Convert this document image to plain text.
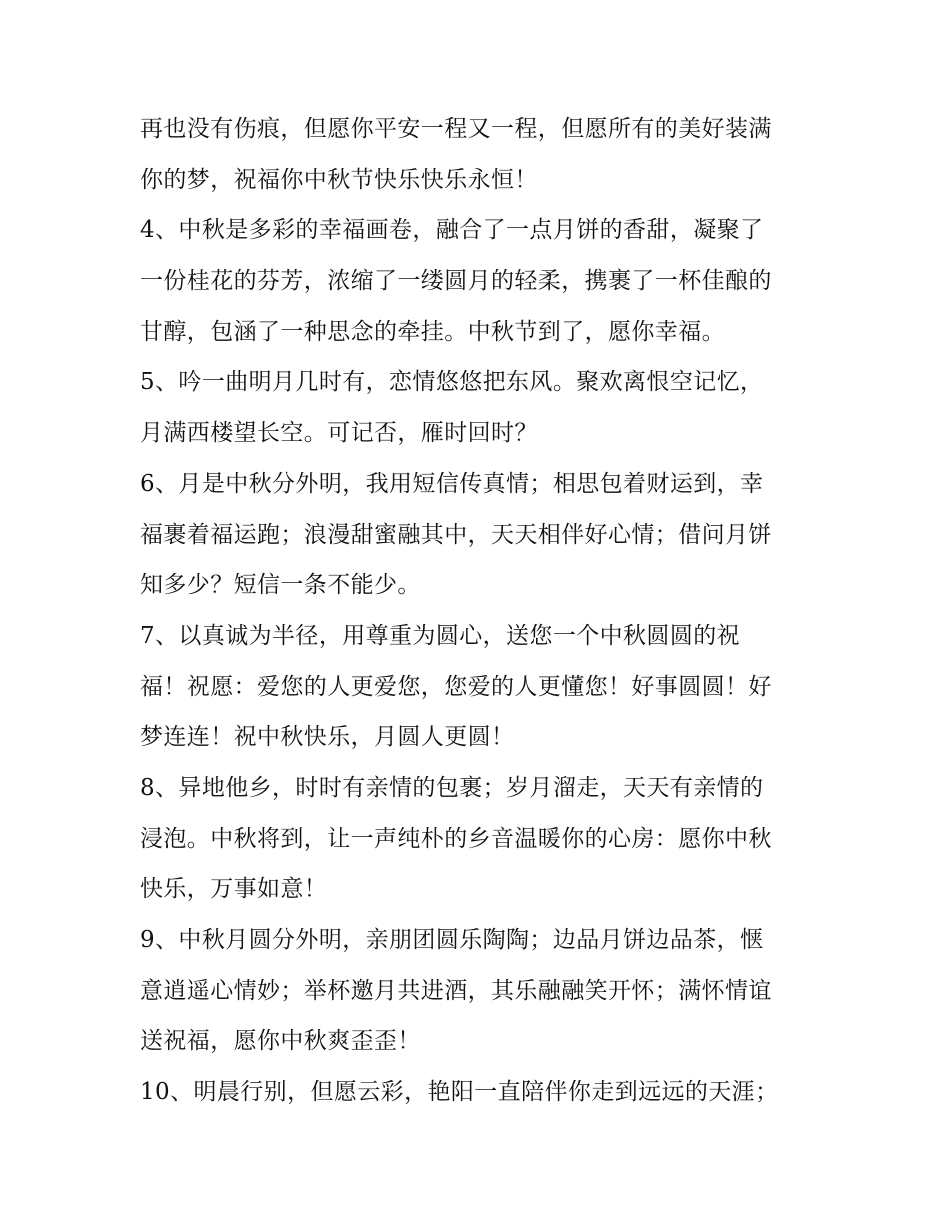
再也没有伤痕，但愿你平安一程又一程，但愿所有的美好装满
你的梦，祝福你中秋节快乐快乐永恒！
4、中秋是多彩的幸福画卷，融合了一点月饼的香甜，凝聚了
一份桂花的芬芳，浓缩了一缕圆月的轻柔，携裹了一杯佳酿的
甘醇，包涵了一种思念的牵挂。中秋节到了，愿你幸福。
5、吟一曲明月几时有，恋情悠悠把东风。聚欢离恨空记忆，
月满西楼望长空。可记否，雁时回时？
6、月是中秋分外明，我用短信传真情；相思包着财运到，幸
福裹着福运跑；浪漫甜蜜融其中，天天相伴好心情；借问月饼
知多少？短信一条不能少。
7、以真诚为半径，用尊重为圆心，送您一个中秋圆圆的祝
福！祝愿：爱您的人更爱您，您爱的人更懂您！好事圆圆！好
梦连连！祝中秋快乐，月圆人更圆！
8、异地他乡，时时有亲情的包裹；岁月溜走，天天有亲情的
浸泡。中秋将到，让一声纯朴的乡音温暖你的心房：愿你中秋
快乐，万事如意！
9、中秋月圆分外明，亲朋团圆乐陶陶；边品月饼边品茶，惬
意逍遥心情妙；举杯邀月共进酒，其乐融融笑开怀；满怀情谊
送祝福，愿你中秋爽歪歪！
10、明晨行别，但愿云彩，艳阳一直陪伴你走到远远的天涯；
